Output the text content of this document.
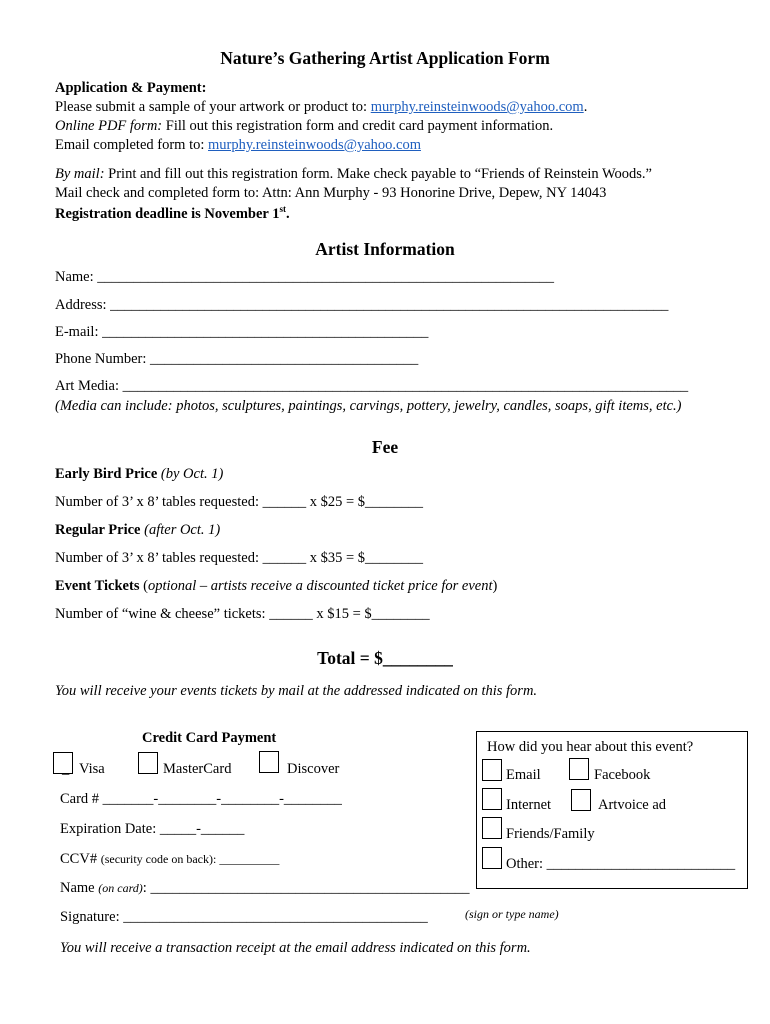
Nature’s Gathering Artist Application Form
Application & Payment:
Please submit a sample of your artwork or product to: murphy.reinsteinwoods@yahoo.com.
Online PDF form: Fill out this registration form and credit card payment information.
Email completed form to: murphy.reinsteinwoods@yahoo.com
By mail: Print and fill out this registration form. Make check payable to “Friends of Reinstein Woods.”
Mail check and completed form to: Attn: Ann Murphy - 93 Honorine Drive, Depew, NY 14043
Registration deadline is November 1st.
Artist Information
Name: _______________________________________________________________
Address: _____________________________________________________________________________
E-mail: _____________________________________________
Phone Number: _____________________________________
Art Media: ______________________________________________________________________________
(Media can include: photos, sculptures, paintings, carvings, pottery, jewelry, candles, soaps, gift items, etc.)
Fee
Early Bird Price (by Oct. 1)
Number of 3’ x 8’ tables requested: ______ x $25 = $________
Regular Price (after Oct. 1)
Number of 3’ x 8’ tables requested: ______ x $35 = $________
Event Tickets (optional – artists receive a discounted ticket price for event)
Number of “wine & cheese” tickets: ______ x $15 = $________
Total = $________
You will receive your events tickets by mail at the addressed indicated on this form.
Credit Card Payment
_ Visa	MasterCard	Discover
Card # _______-________-________-________
Expiration Date: _____-______
CCV# (security code on back): __________
Name (on card): ____________________________________________
Signature: __________________________________________	(sign or type name)
You will receive a transaction receipt at the email address indicated on this form.
How did you hear about this event?
Email	Facebook
Internet	Artvoice ad
Friends/Family
Other: __________________________
